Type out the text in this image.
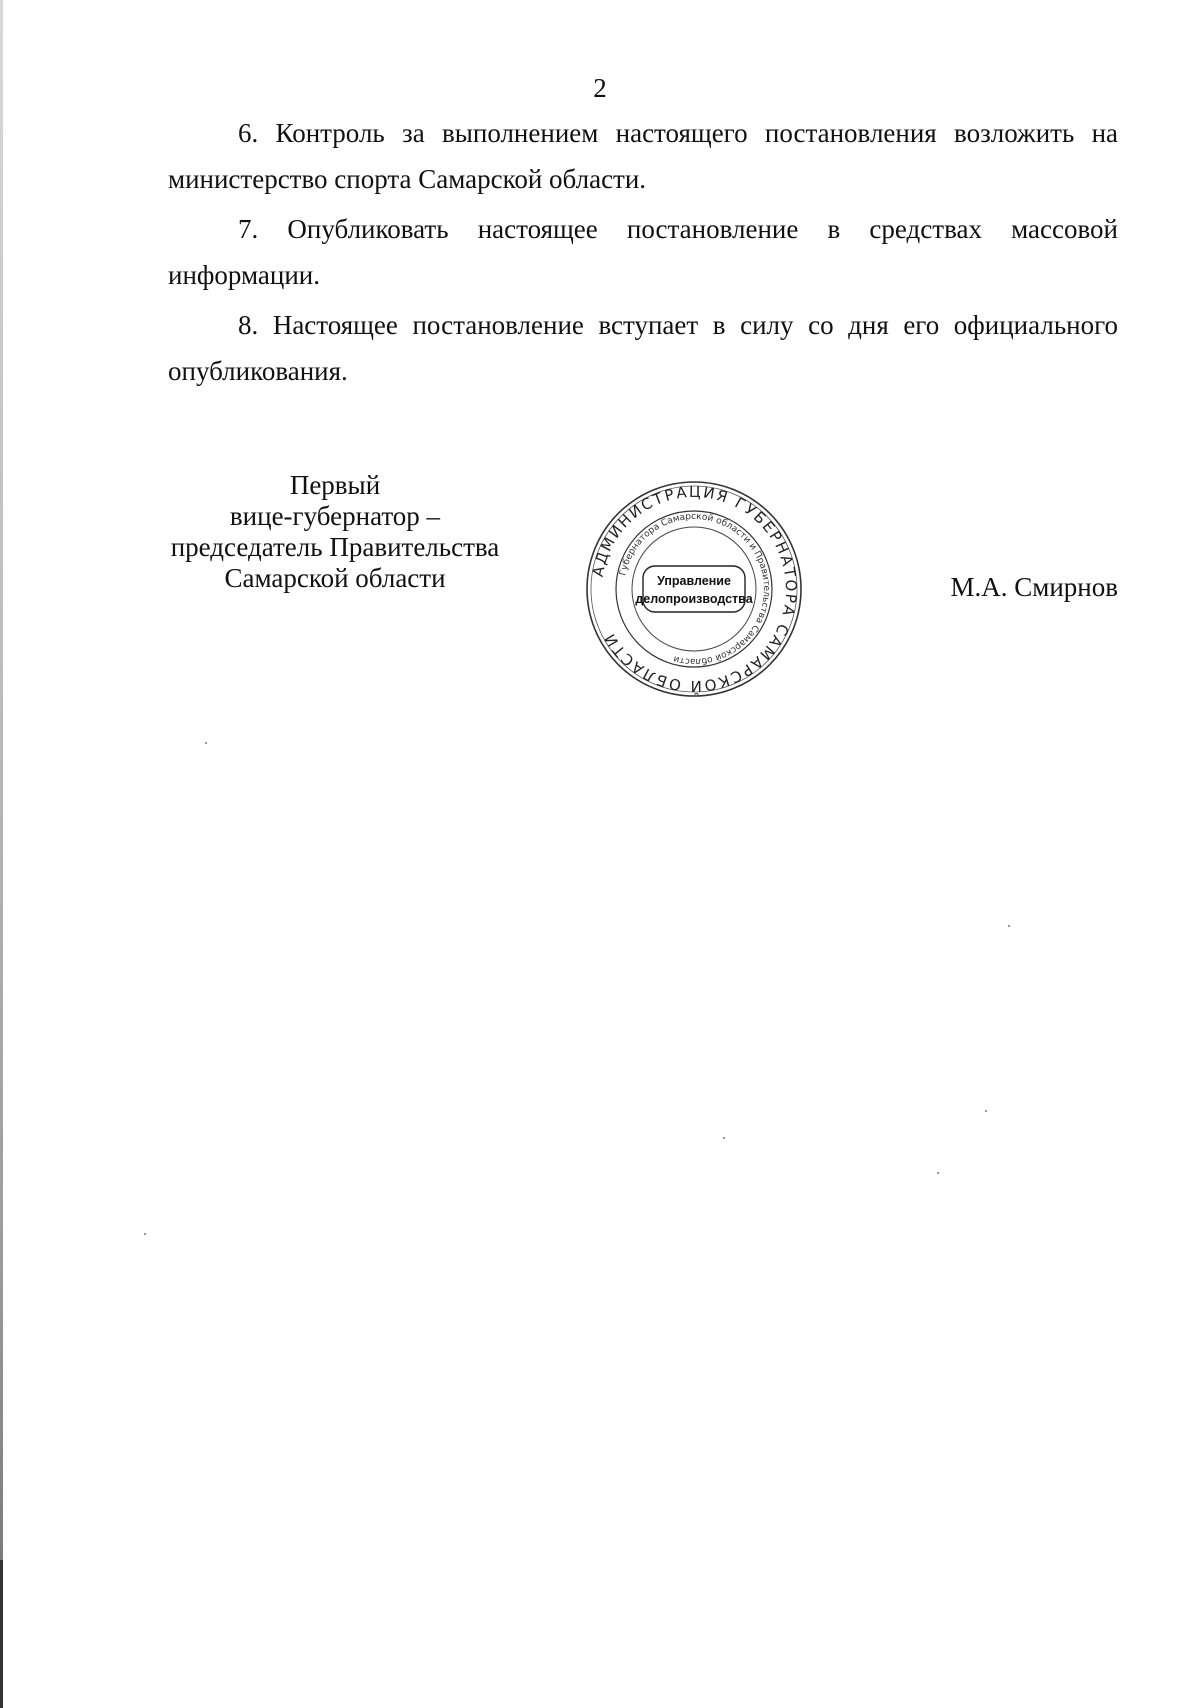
2

6. Контроль за выполнением настоящего постановления возложить на министерство спорта Самарской области.

7. Опубликовать настоящее постановление в средствах массовой информации.

8. Настоящее постановление вступает в силу со дня его официального опубликования.

Первый
вице-губернатор –
председатель Правительства
Самарской области	АДМИНИСТРАЦИЯ ГУБЕРНАТОРА САМАРСКОЙ ОБЛАСТИ
Губернатора Самарской области и Правительства Самарской области
Управление
делопроизводства	М.А. Смирнов
